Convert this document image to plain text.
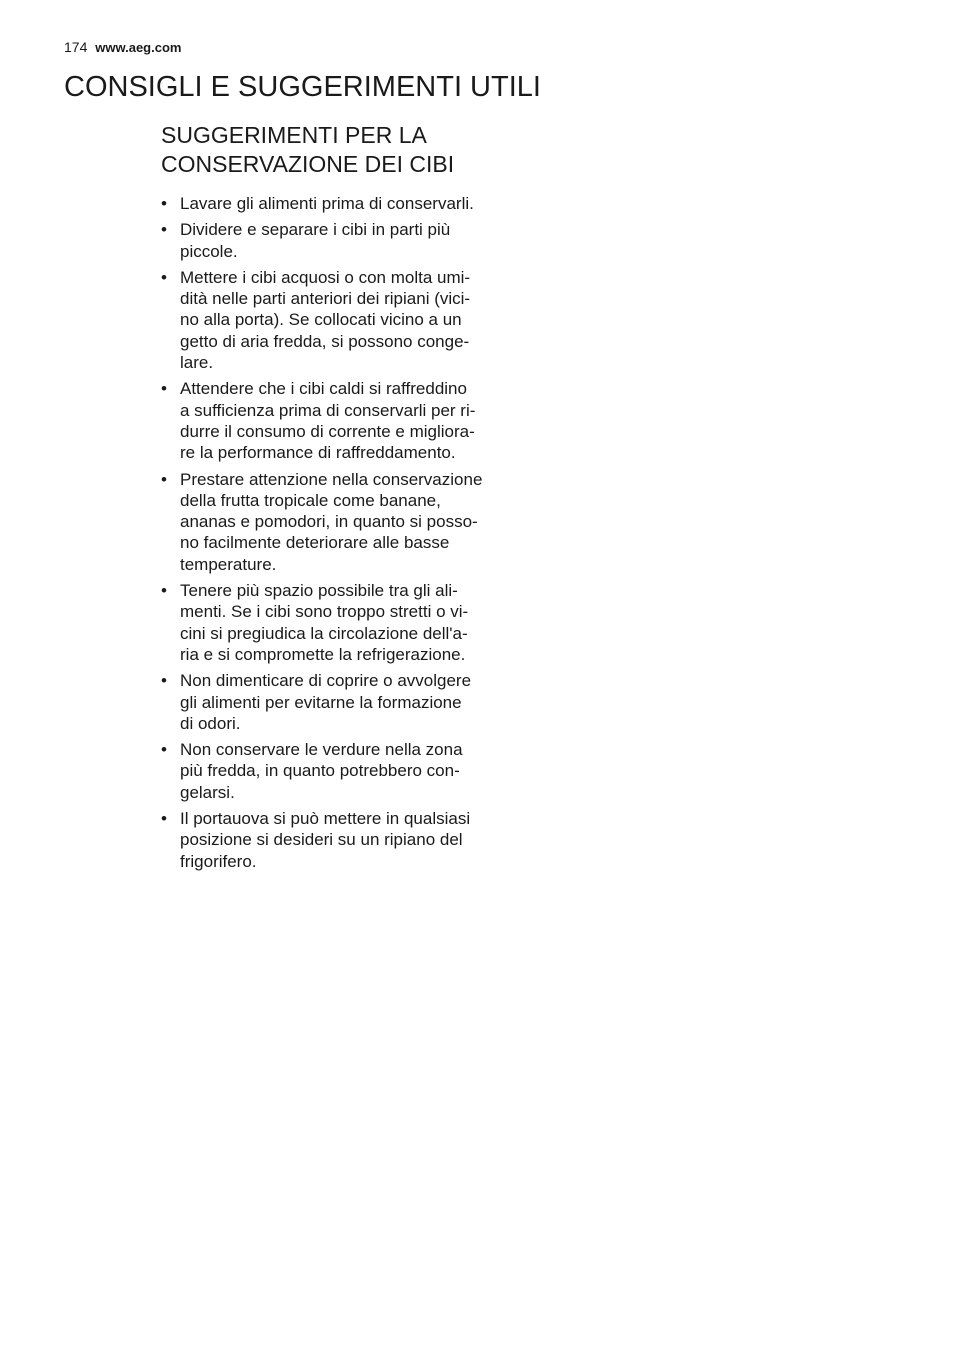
174 www.aeg.com
CONSIGLI E SUGGERIMENTI UTILI
SUGGERIMENTI PER LA
CONSERVAZIONE DEI CIBI
• Lavare gli alimenti prima di conservarli.
• Dividere e separare i cibi in parti più
piccole.
• Mettere i cibi acquosi o con molta umi-
dità nelle parti anteriori dei ripiani (vici-
no alla porta). Se collocati vicino a un
getto di aria fredda, si possono conge-
lare.
• Attendere che i cibi caldi si raffreddino
a sufficienza prima di conservarli per ri-
durre il consumo di corrente e migliora-
re la performance di raffreddamento.
• Prestare attenzione nella conservazione
della frutta tropicale come banane,
ananas e pomodori, in quanto si posso-
no facilmente deteriorare alle basse
temperature.
• Tenere più spazio possibile tra gli ali-
menti. Se i cibi sono troppo stretti o vi-
cini si pregiudica la circolazione dell'a-
ria e si compromette la refrigerazione.
• Non dimenticare di coprire o avvolgere
gli alimenti per evitarne la formazione
di odori.
• Non conservare le verdure nella zona
più fredda, in quanto potrebbero con-
gelarsi.
• Il portauova si può mettere in qualsiasi
posizione si desideri su un ripiano del
frigorifero.
